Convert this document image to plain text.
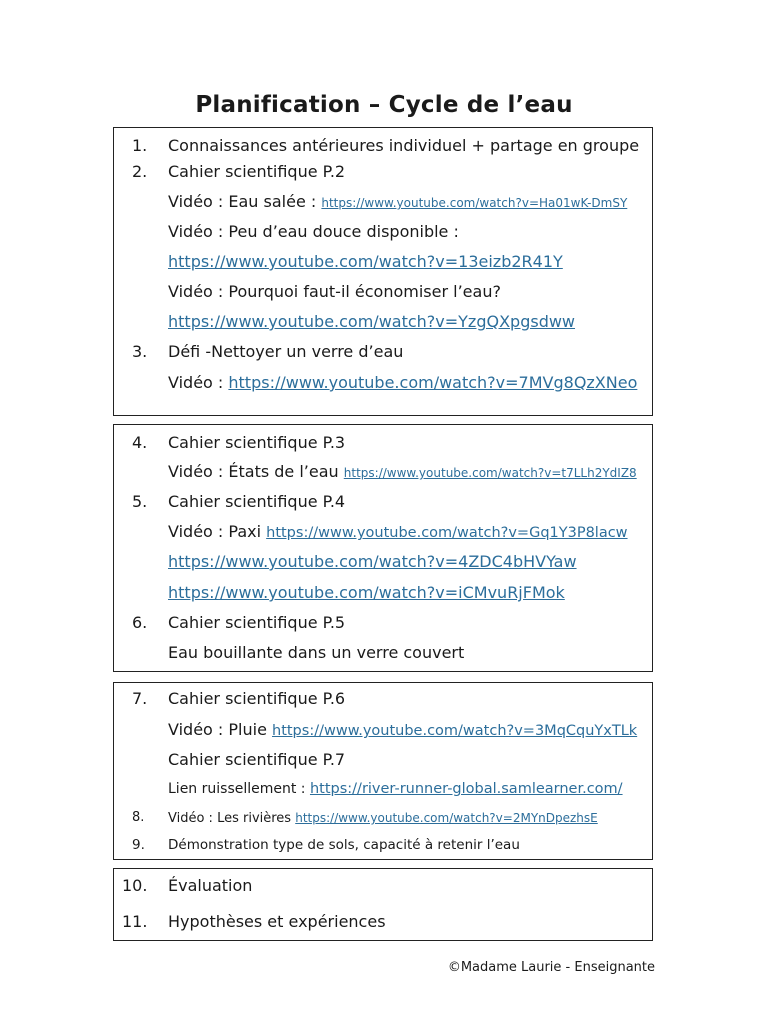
Planification – Cycle de l’eau
1.	Connaissances antérieures individuel + partage en groupe
2.	Cahier scientifique P.2
Vidéo : Eau salée : https://www.youtube.com/watch?v=Ha01wK-DmSY
Vidéo : Peu d’eau douce disponible :
https://www.youtube.com/watch?v=13eizb2R41Y
Vidéo : Pourquoi faut-il économiser l’eau?
https://www.youtube.com/watch?v=YzgQXpgsdww
3.	Défi -Nettoyer un verre d’eau
Vidéo : https://www.youtube.com/watch?v=7MVg8QzXNeo
4.	Cahier scientifique P.3
Vidéo : États de l’eau https://www.youtube.com/watch?v=t7LLh2YdIZ8
5.	Cahier scientifique P.4
Vidéo : Paxi https://www.youtube.com/watch?v=Gq1Y3P8lacw
https://www.youtube.com/watch?v=4ZDC4bHVYaw
https://www.youtube.com/watch?v=iCMvuRjFMok
6.	Cahier scientifique P.5
Eau bouillante dans un verre couvert
7.	Cahier scientifique P.6
Vidéo : Pluie https://www.youtube.com/watch?v=3MqCquYxTLk
Cahier scientifique P.7
Lien ruissellement : https://river-runner-global.samlearner.com/
8.	Vidéo : Les rivières https://www.youtube.com/watch?v=2MYnDpezhsE
9.	Démonstration type de sols, capacité à retenir l’eau
10. Évaluation
11. Hypothèses et expériences
©Madame Laurie - Enseignante
